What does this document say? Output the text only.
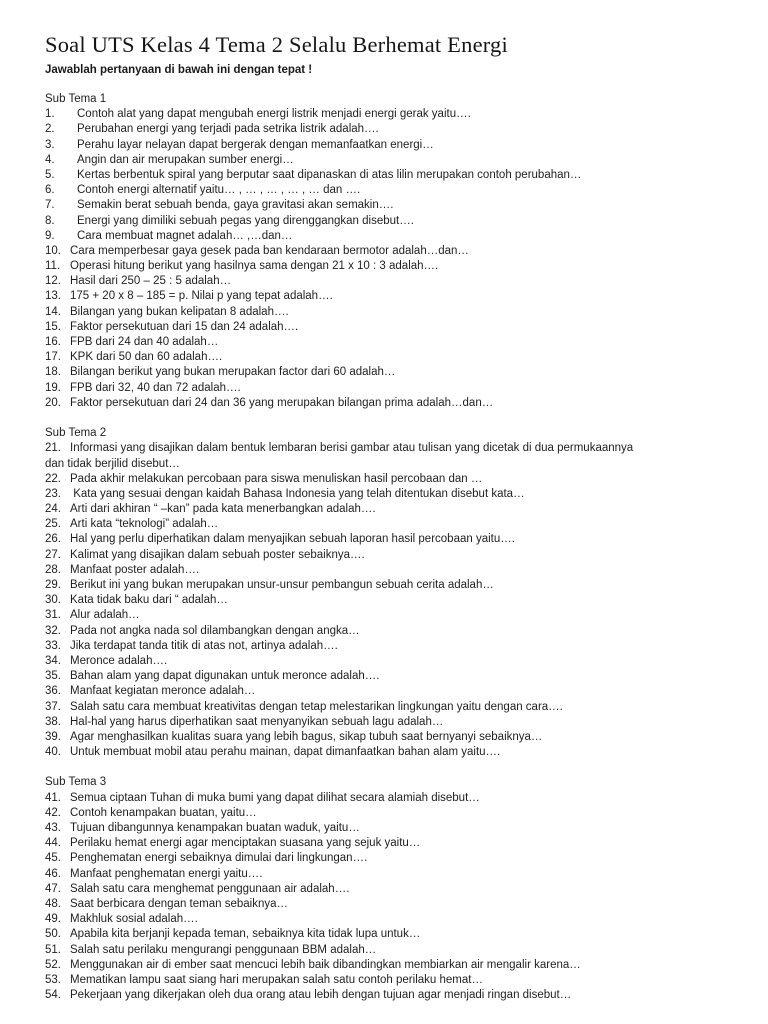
Soal UTS Kelas 4 Tema 2 Selalu Berhemat Energi
Jawablah pertanyaan di bawah ini dengan tepat !
Sub Tema 1
1. Contoh alat yang dapat mengubah energi listrik menjadi energi gerak yaitu….
2. Perubahan energi yang terjadi pada setrika listrik adalah….
3. Perahu layar nelayan dapat bergerak dengan memanfaatkan energi…
4. Angin dan air merupakan sumber energi…
5. Kertas berbentuk spiral yang berputar saat dipanaskan di atas lilin merupakan contoh perubahan…
6. Contoh energi alternatif yaitu… , … , … , … , … dan ….
7. Semakin berat sebuah benda, gaya gravitasi akan semakin….
8. Energi yang dimiliki sebuah pegas yang direnggangkan disebut….
9. Cara membuat magnet adalah… ,…dan…
10. Cara memperbesar gaya gesek pada ban kendaraan bermotor adalah…dan…
11. Operasi hitung berikut yang hasilnya sama dengan 21 x 10 : 3 adalah….
12. Hasil dari 250 – 25 : 5 adalah…
13. 175 + 20 x 8 – 185 = p. Nilai p yang tepat adalah….
14. Bilangan yang bukan kelipatan 8 adalah….
15. Faktor persekutuan dari 15 dan 24 adalah….
16. FPB dari 24 dan 40 adalah…
17. KPK dari 50 dan 60 adalah….
18. Bilangan berikut yang bukan merupakan factor dari 60 adalah…
19. FPB dari 32, 40 dan 72 adalah….
20. Faktor persekutuan dari 24 dan 36 yang merupakan bilangan prima adalah…dan…
Sub Tema 2
21. Informasi yang disajikan dalam bentuk lembaran berisi gambar atau tulisan yang dicetak di dua permukaannya
dan tidak berjilid disebut…
22. Pada akhir melakukan percobaan para siswa menuliskan hasil percobaan dan …
23. Kata yang sesuai dengan kaidah Bahasa Indonesia yang telah ditentukan disebut kata…
24. Arti dari akhiran “ –kan” pada kata menerbangkan adalah….
25. Arti kata “teknologi” adalah…
26. Hal yang perlu diperhatikan dalam menyajikan sebuah laporan hasil percobaan yaitu….
27. Kalimat yang disajikan dalam sebuah poster sebaiknya….
28. Manfaat poster adalah….
29. Berikut ini yang bukan merupakan unsur-unsur pembangun sebuah cerita adalah…
30. Kata tidak baku dari “ adalah…
31. Alur adalah…
32. Pada not angka nada sol dilambangkan dengan angka…
33. Jika terdapat tanda titik di atas not, artinya adalah….
34. Meronce adalah….
35. Bahan alam yang dapat digunakan untuk meronce adalah….
36. Manfaat kegiatan meronce adalah…
37. Salah satu cara membuat kreativitas dengan tetap melestarikan lingkungan yaitu dengan cara….
38. Hal-hal yang harus diperhatikan saat menyanyikan sebuah lagu adalah…
39. Agar menghasilkan kualitas suara yang lebih bagus, sikap tubuh saat bernyanyi sebaiknya…
40. Untuk membuat mobil atau perahu mainan, dapat dimanfaatkan bahan alam yaitu….
Sub Tema 3
41. Semua ciptaan Tuhan di muka bumi yang dapat dilihat secara alamiah disebut…
42. Contoh kenampakan buatan, yaitu…
43. Tujuan dibangunnya kenampakan buatan waduk, yaitu…
44. Perilaku hemat energi agar menciptakan suasana yang sejuk yaitu…
45. Penghematan energi sebaiknya dimulai dari lingkungan….
46. Manfaat penghematan energi yaitu….
47. Salah satu cara menghemat penggunaan air adalah….
48. Saat berbicara dengan teman sebaiknya…
49. Makhluk sosial adalah….
50. Apabila kita berjanji kepada teman, sebaiknya kita tidak lupa untuk…
51. Salah satu perilaku mengurangi penggunaan BBM adalah…
52. Menggunakan air di ember saat mencuci lebih baik dibandingkan membiarkan air mengalir karena…
53. Mematikan lampu saat siang hari merupakan salah satu contoh perilaku hemat…
54. Pekerjaan yang dikerjakan oleh dua orang atau lebih dengan tujuan agar menjadi ringan disebut…
